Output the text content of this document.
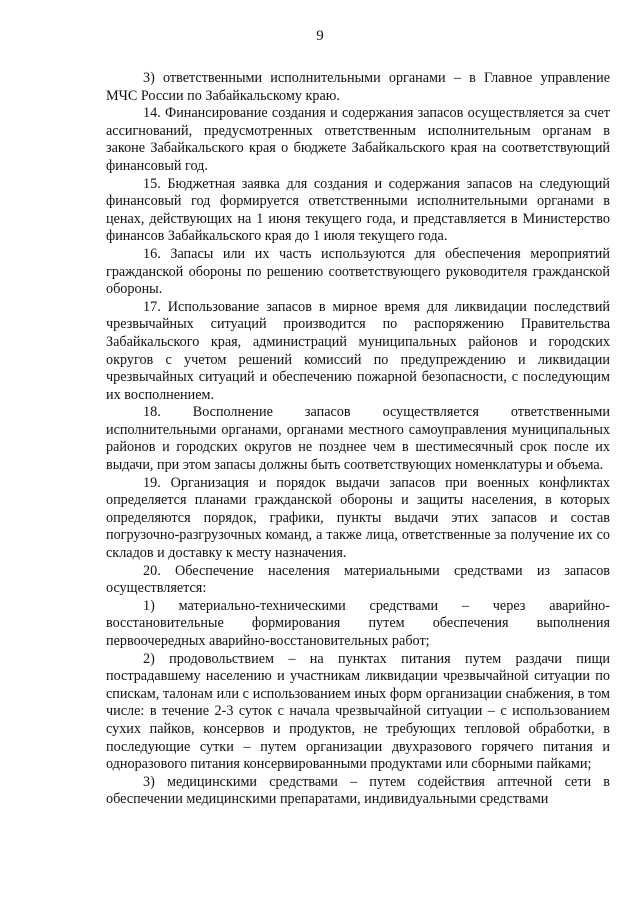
9

3) ответственными исполнительными органами – в Главное управление МЧС России по Забайкальскому краю.

14. Финансирование создания и содержания запасов осуществляется за счет ассигнований, предусмотренных ответственным исполнительным органам в законе Забайкальского края о бюджете Забайкальского края на соответствующий финансовый год.

15. Бюджетная заявка для создания и содержания запасов на следующий финансовый год формируется ответственными исполнительными органами в ценах, действующих на 1 июня текущего года, и представляется в Министерство финансов Забайкальского края до 1 июля текущего года.

16. Запасы или их часть используются для обеспечения мероприятий гражданской обороны по решению соответствующего руководителя гражданской обороны.

17. Использование запасов в мирное время для ликвидации последствий чрезвычайных ситуаций производится по распоряжению Правительства Забайкальского края, администраций муниципальных районов и городских округов с учетом решений комиссий по предупреждению и ликвидации чрезвычайных ситуаций и обеспечению пожарной безопасности, с последующим их восполнением.

18. Восполнение запасов осуществляется ответственными исполнительными органами, органами местного самоуправления муниципальных районов и городских округов не позднее чем в шестимесячный срок после их выдачи, при этом запасы должны быть соответствующих номенклатуры и объема.

19. Организация и порядок выдачи запасов при военных конфликтах определяется планами гражданской обороны и защиты населения, в которых определяются порядок, графики, пункты выдачи этих запасов и состав погрузочно-разгрузочных команд, а также лица, ответственные за получение их со складов и доставку к месту назначения.

20. Обеспечение населения материальными средствами из запасов осуществляется:

1) материально-техническими средствами – через аварийно-восстановительные формирования путем обеспечения выполнения первоочередных аварийно-восстановительных работ;

2) продовольствием – на пунктах питания путем раздачи пищи пострадавшему населению и участникам ликвидации чрезвычайной ситуации по спискам, талонам или с использованием иных форм организации снабжения, в том числе: в течение 2-3 суток с начала чрезвычайной ситуации – с использованием сухих пайков, консервов и продуктов, не требующих тепловой обработки, в последующие сутки – путем организации двухразового горячего питания и одноразового питания консервированными продуктами или сборными пайками;

3) медицинскими средствами – путем содействия аптечной сети в обеспечении медицинскими препаратами, индивидуальными средствами
